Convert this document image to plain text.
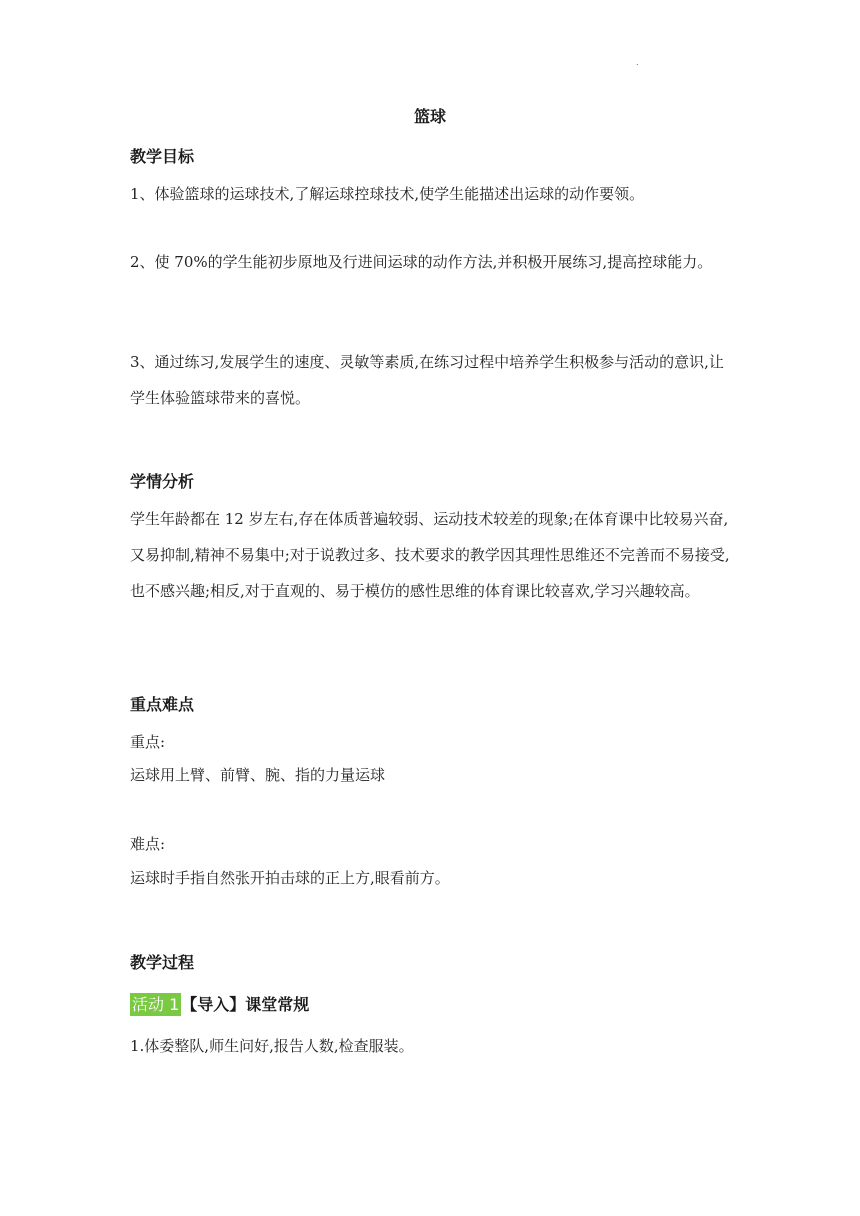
.
篮球
教学目标

1、体验篮球的运球技术,了解运球控球技术,使学生能描述出运球的动作要领。

2、使 70%的学生能初步原地及行进间运球的动作方法,并积极开展练习,提高控球能力。

3、通过练习,发展学生的速度、灵敏等素质,在练习过程中培养学生积极参与活动的意识,让学生体验篮球带来的喜悦。

学情分析

学生年龄都在 12 岁左右,存在体质普遍较弱、运动技术较差的现象;在体育课中比较易兴奋,又易抑制,精神不易集中;对于说教过多、技术要求的教学因其理性思维还不完善而不易接受,也不感兴趣;相反,对于直观的、易于模仿的感性思维的体育课比较喜欢,学习兴趣较高。

重点难点

重点:

运球用上臂、前臂、腕、指的力量运球

难点:

运球时手指自然张开拍击球的正上方,眼看前方。

教学过程
活动 1 【导入】课堂常规

1.体委整队,师生问好,报告人数,检查服装。
